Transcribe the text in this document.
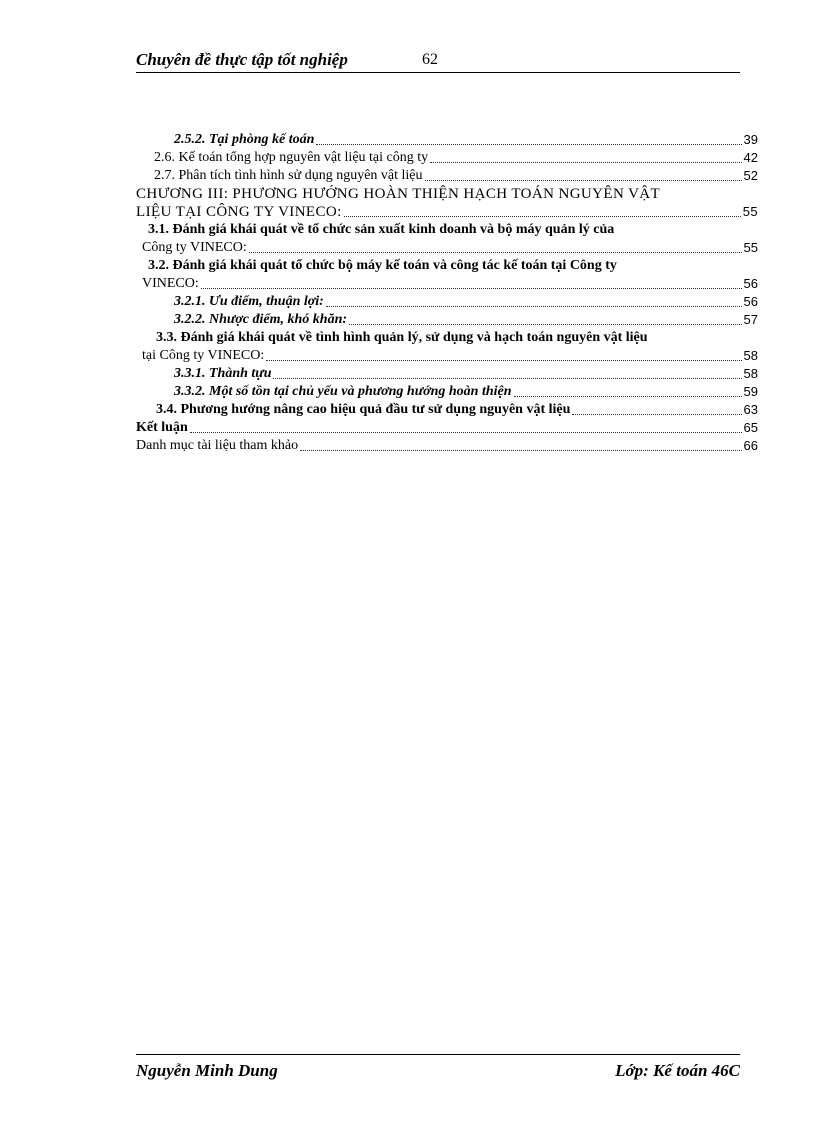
Chuyên đề thực tập tốt nghiệp	62
2.5.2. Tại phòng kế toán	39
2.6. Kế toán tổng hợp nguyên vật liệu tại công ty	42
2.7. Phân tích tình hình sử dụng nguyên vật liệu	52
CHƯƠNG III: PHƯƠNG HƯỚNG HOÀN THIỆN HẠCH TOÁN NGUYÊN VẬT
LIỆU TẠI CÔNG TY VINECO:	55
3.1. Đánh giá khái quát về tổ chức sản xuất kinh doanh và bộ máy quản lý của
Công ty VINECO:	55
3.2. Đánh giá khái quát tổ chức bộ máy kế toán và công tác kế toán tại Công ty
VINECO:	56
3.2.1. Ưu điểm, thuận lợi:	56
3.2.2. Nhược điểm, khó khăn:	57
3.3. Đánh giá khái quát về tình hình quản lý, sử dụng và hạch toán nguyên vật liệu
tại Công ty VINECO:	58
3.3.1. Thành tựu	58
3.3.2. Một số tồn tại chủ yếu và phương hướng hoàn thiện	59
3.4. Phương hướng nâng cao hiệu quả đầu tư sử dụng nguyên vật liệu	63
Kết luận	65
Danh mục tài liệu tham khảo	66
Nguyễn Minh Dung	Lớp: Kế toán 46C
